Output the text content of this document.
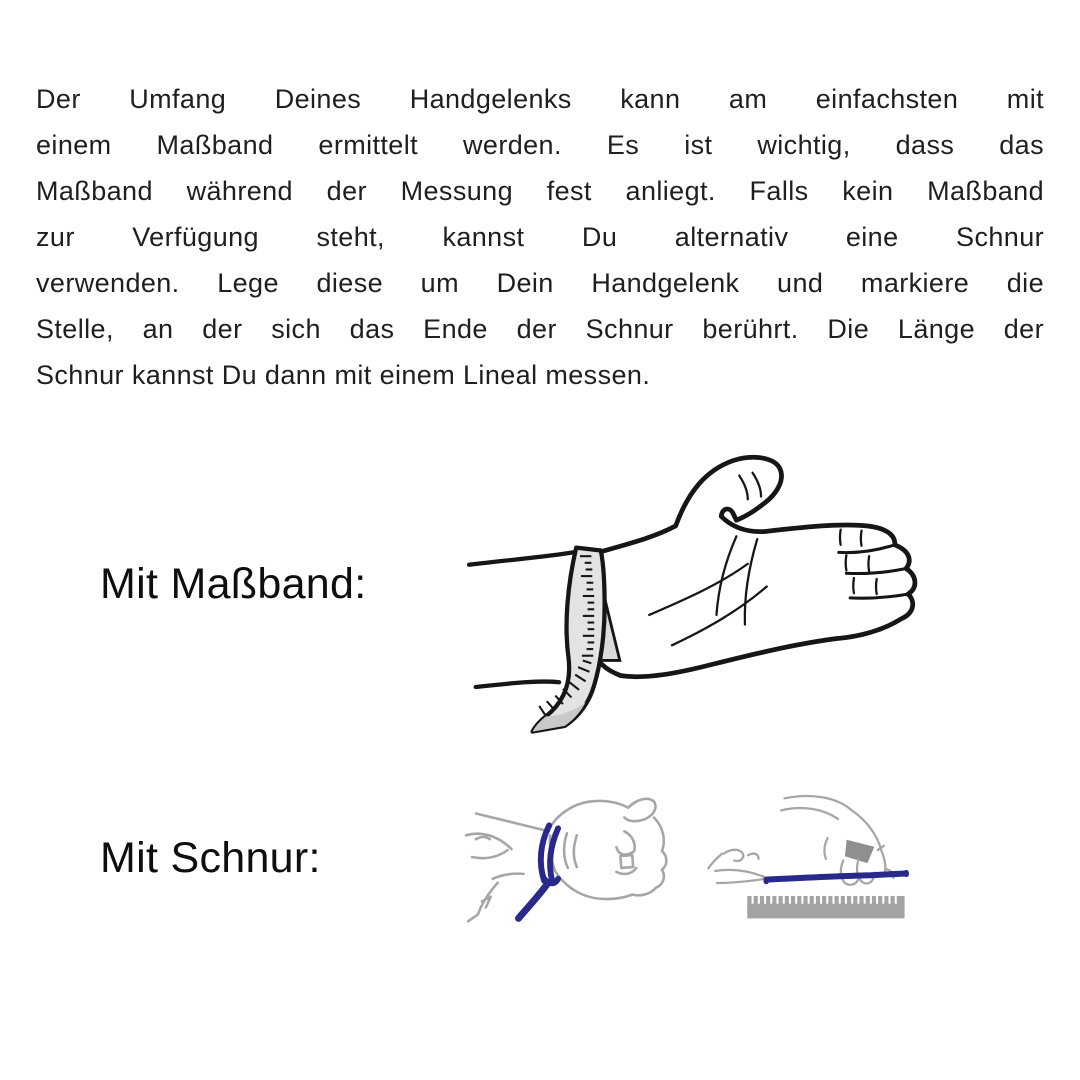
Der Umfang Deines Handgelenks kann am einfachsten mit
einem Maßband ermittelt werden. Es ist wichtig, dass das
Maßband während der Messung fest anliegt. Falls kein Maßband
zur Verfügung steht, kannst Du alternativ eine Schnur
verwenden. Lege diese um Dein Handgelenk und markiere die
Stelle, an der sich das Ende der Schnur berührt. Die Länge der
Schnur kannst Du dann mit einem Lineal messen.
Mit Maßband:
Mit Schnur:
